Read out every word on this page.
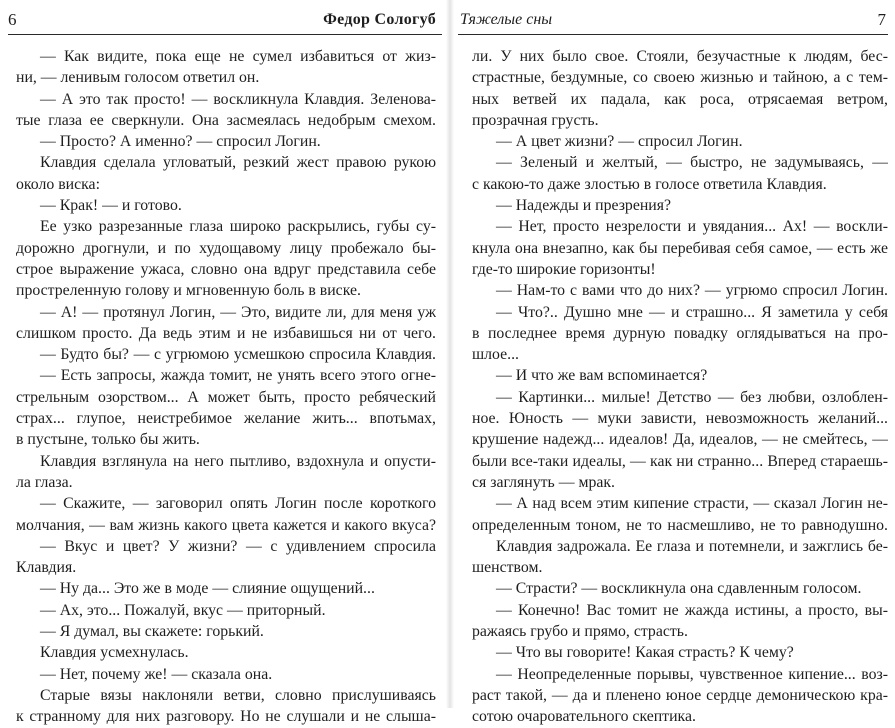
6	Федор Сологуб
— Как видите, пока еще не сумел избавиться от жиз-
ни, — ленивым голосом ответил он.
— А это так просто! — воскликнула Клавдия. Зеленова-
тые глаза ее сверкнули. Она засмеялась недобрым смехом.
— Просто? А именно? — спросил Логин.
Клавдия сделала угловатый, резкий жест правою рукою
около виска:
— Крак! — и готово.
Ее узко разрезанные глаза широко раскрылись, губы су-
дорожно дрогнули, и по худощавому лицу пробежало бы-
строе выражение ужаса, словно она вдруг представила себе
простреленную голову и мгновенную боль в виске.
— А! — протянул Логин, — Это, видите ли, для меня уж
слишком просто. Да ведь этим и не избавишься ни от чего.
— Будто бы? — с угрюмою усмешкою спросила Клавдия.
— Есть запросы, жажда томит, не унять всего этого огне-
стрельным озорством... А может быть, просто ребяческий
страх... глупое, неистребимое желание жить... впотьмах,
в пустыне, только бы жить.
Клавдия взглянула на него пытливо, вздохнула и опусти-
ла глаза.
— Скажите, — заговорил опять Логин после короткого
молчания, — вам жизнь какого цвета кажется и какого вкуса?
— Вкус и цвет? У жизни? — с удивлением спросила
Клавдия.
— Ну да... Это же в моде — слияние ощущений...
— Ах, это... Пожалуй, вкус — приторный.
— Я думал, вы скажете: горький.
Клавдия усмехнулась.
— Нет, почему же! — сказала она.
Старые вязы наклоняли ветви, словно прислушиваясь
к странному для них разговору. Но не слушали и не слыша-
Тяжелые сны	7
ли. У них было свое. Стояли, безучастные к людям, бес-
страстные, бездумные, со своею жизнью и тайною, а с тем-
ных ветвей их падала, как роса, отрясаемая ветром,
прозрачная грусть.
— А цвет жизни? — спросил Логин.
— Зеленый и желтый, — быстро, не задумываясь, —
с какою-то даже злостью в голосе ответила Клавдия.
— Надежды и презрения?
— Нет, просто незрелости и увядания... Ах! — воскли-
кнула она внезапно, как бы перебивая себя самое, — есть же
где-то широкие горизонты!
— Нам-то с вами что до них? — угрюмо спросил Логин.
— Что?.. Душно мне — и страшно... Я заметила у себя
в последнее время дурную повадку оглядываться на про-
шлое...
— И что же вам вспоминается?
— Картинки... милые! Детство — без любви, озлоблен-
ное. Юность — муки зависти, невозможность желаний...
крушение надежд... идеалов! Да, идеалов, — не смейтесь, —
были все-таки идеалы, — как ни странно... Вперед стараешь-
ся заглянуть — мрак.
— А над всем этим кипение страсти, — сказал Логин не-
определенным тоном, не то насмешливо, не то равнодушно.
Клавдия задрожала. Ее глаза и потемнели, и зажглись бе-
шенством.
— Страсти? — воскликнула она сдавленным голосом.
— Конечно! Вас томит не жажда истины, а просто, вы-
ражаясь грубо и прямо, страсть.
— Что вы говорите! Какая страсть? К чему?
— Неопределенные порывы, чувственное кипение... воз-
раст такой, — да и пленено юное сердце демоническою кра-
сотою очаровательного скептика.
